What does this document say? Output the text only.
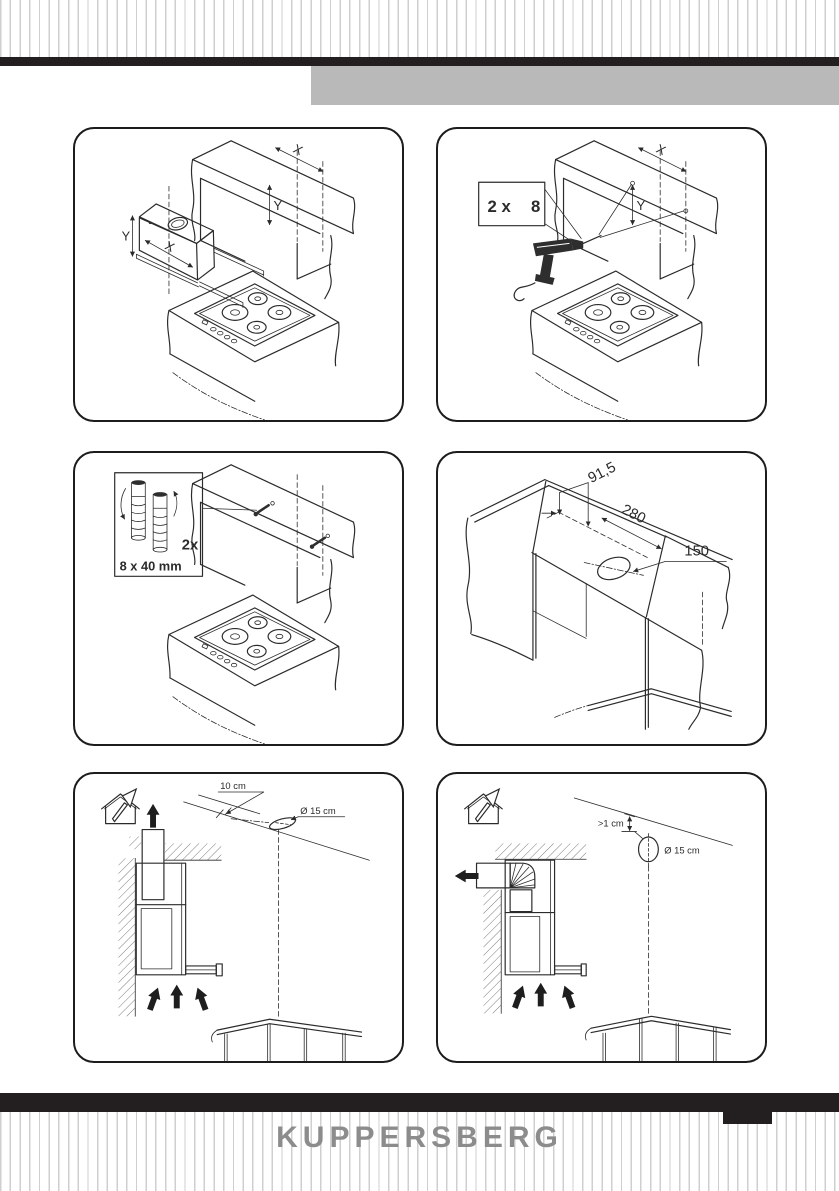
X
Y
Y
X
X
Y
2 x 8
2x
8 x 40 mm
91,5
280
150
10 cm
Ø 15 cm
>1 cm
Ø 15 cm
KUPPERSBERG
